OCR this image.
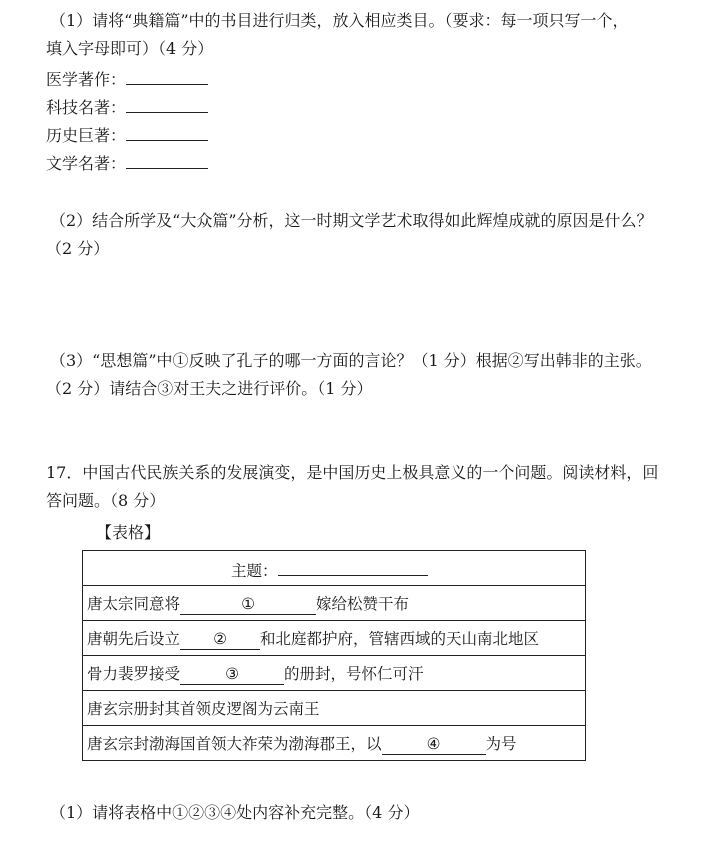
（1）请将“典籍篇”中的书目进行归类，放入相应类目。（要求：每一项只写一个，
填入字母即可）（4 分）
医学著作：
科技名著：
历史巨著：
文学名著：
（2）结合所学及“大众篇”分析，这一时期文学艺术取得如此辉煌成就的原因是什么？
（2 分）
（3）“思想篇”中①反映了孔子的哪一方面的言论？（1 分）根据②写出韩非的主张。
（2 分）请结合③对王夫之进行评价。（1 分）
17．中国古代民族关系的发展演变，是中国历史上极具意义的一个问题。阅读材料，回
答问题。（8 分）
【表格】
主题：
唐太宗同意将	①	嫁给松赞干布
唐朝先后设立 ② 和北庭都护府，管辖西域的天山南北地区
骨力裴罗接受	③	的册封，号怀仁可汗
唐玄宗册封其首领皮逻阁为云南王
唐玄宗封渤海国首领大祚荣为渤海郡王，以	④	为号
（1）请将表格中①②③④处内容补充完整。（4 分）
